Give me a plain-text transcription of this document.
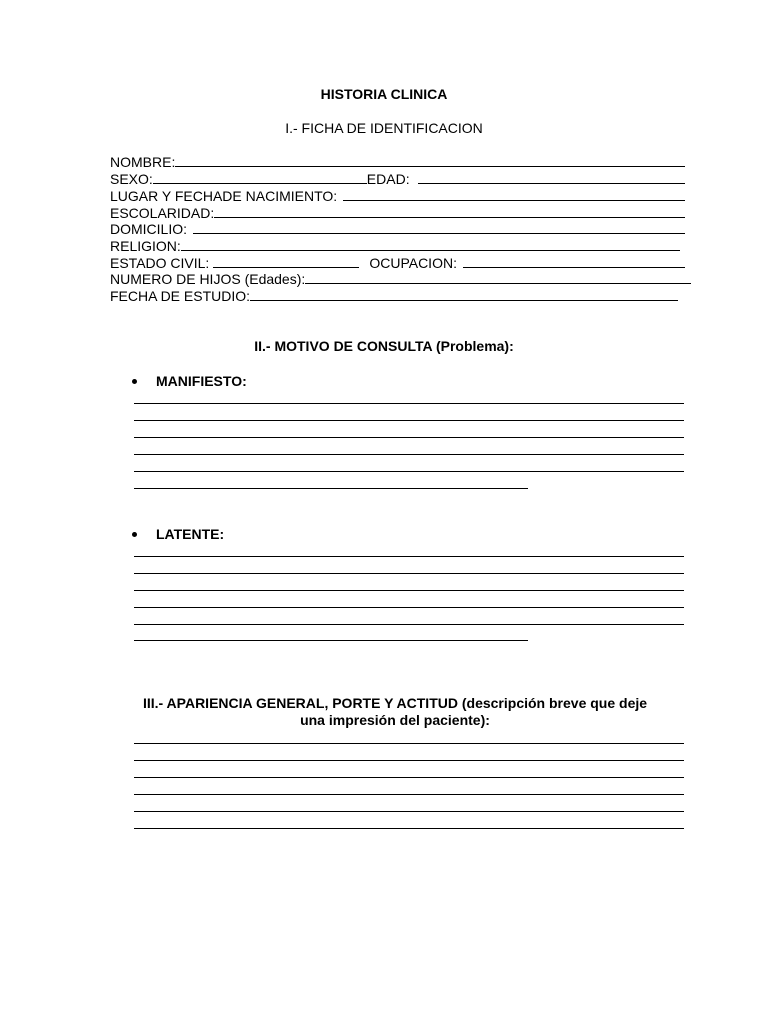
HISTORIA CLINICA
I.- FICHA DE IDENTIFICACION
NOMBRE:
SEXO:	EDAD:
LUGAR Y FECHADE NACIMIENTO:
ESCOLARIDAD:
DOMICILIO:
RELIGION:
ESTADO CIVIL:	OCUPACION:
NUMERO DE HIJOS (Edades):
FECHA DE ESTUDIO:
II.- MOTIVO DE CONSULTA (Problema):
MANIFIESTO:
LATENTE:
III.- APARIENCIA GENERAL, PORTE Y ACTITUD (descripción breve que deje
una impresión del paciente):
